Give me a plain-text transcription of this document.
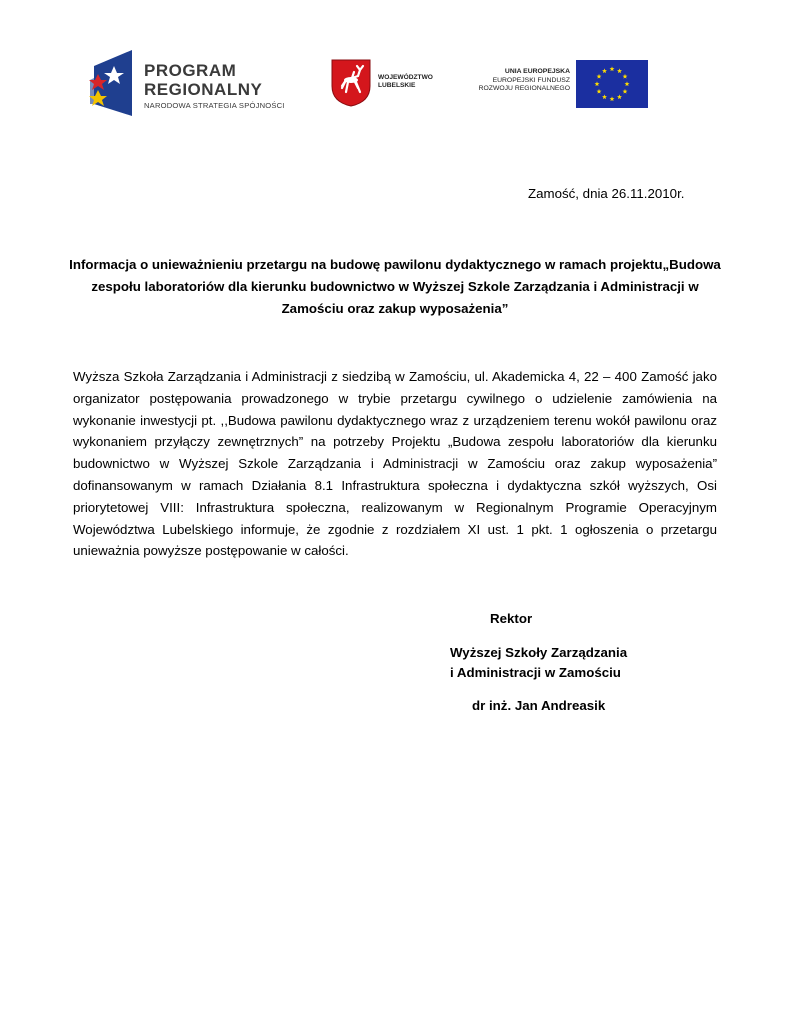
PROGRAM
REGIONALNY
NARODOWA STRATEGIA SPÓJNOŚCI
WOJEWÓDZTWO
LUBELSKIE
UNIA EUROPEJSKA
EUROPEJSKI FUNDUSZ
ROZWOJU REGIONALNEGO
Zamość, dnia 26.11.2010r.
Informacja o unieważnieniu przetargu na budowę pawilonu dydaktycznego w ramach projektu„Budowa zespołu laboratoriów dla kierunku budownictwo w Wyższej Szkole Zarządzania i Administracji w Zamościu oraz zakup wyposażenia”
Wyższa Szkoła Zarządzania i Administracji z siedzibą w Zamościu, ul. Akademicka 4, 22 – 400 Zamość jako organizator postępowania prowadzonego w trybie przetargu cywilnego o udzielenie zamówienia na wykonanie inwestycji pt. ,,Budowa pawilonu dydaktycznego wraz z urządzeniem terenu wokół pawilonu oraz wykonaniem przyłączy zewnętrznych” na potrzeby Projektu „Budowa zespołu laboratoriów dla kierunku budownictwo w Wyższej Szkole Zarządzania i Administracji w Zamościu oraz zakup wyposażenia” dofinansowanym w ramach Działania 8.1 Infrastruktura społeczna i dydaktyczna szkół wyższych, Osi priorytetowej VIII: Infrastruktura społeczna, realizowanym w Regionalnym Programie Operacyjnym Województwa Lubelskiego informuje, że zgodnie z rozdziałem XI ust. 1 pkt. 1 ogłoszenia o przetargu unieważnia powyższe postępowanie w całości.
Rektor
Wyższej Szkoły Zarządzania
i Administracji w Zamościu
dr inż. Jan Andreasik
